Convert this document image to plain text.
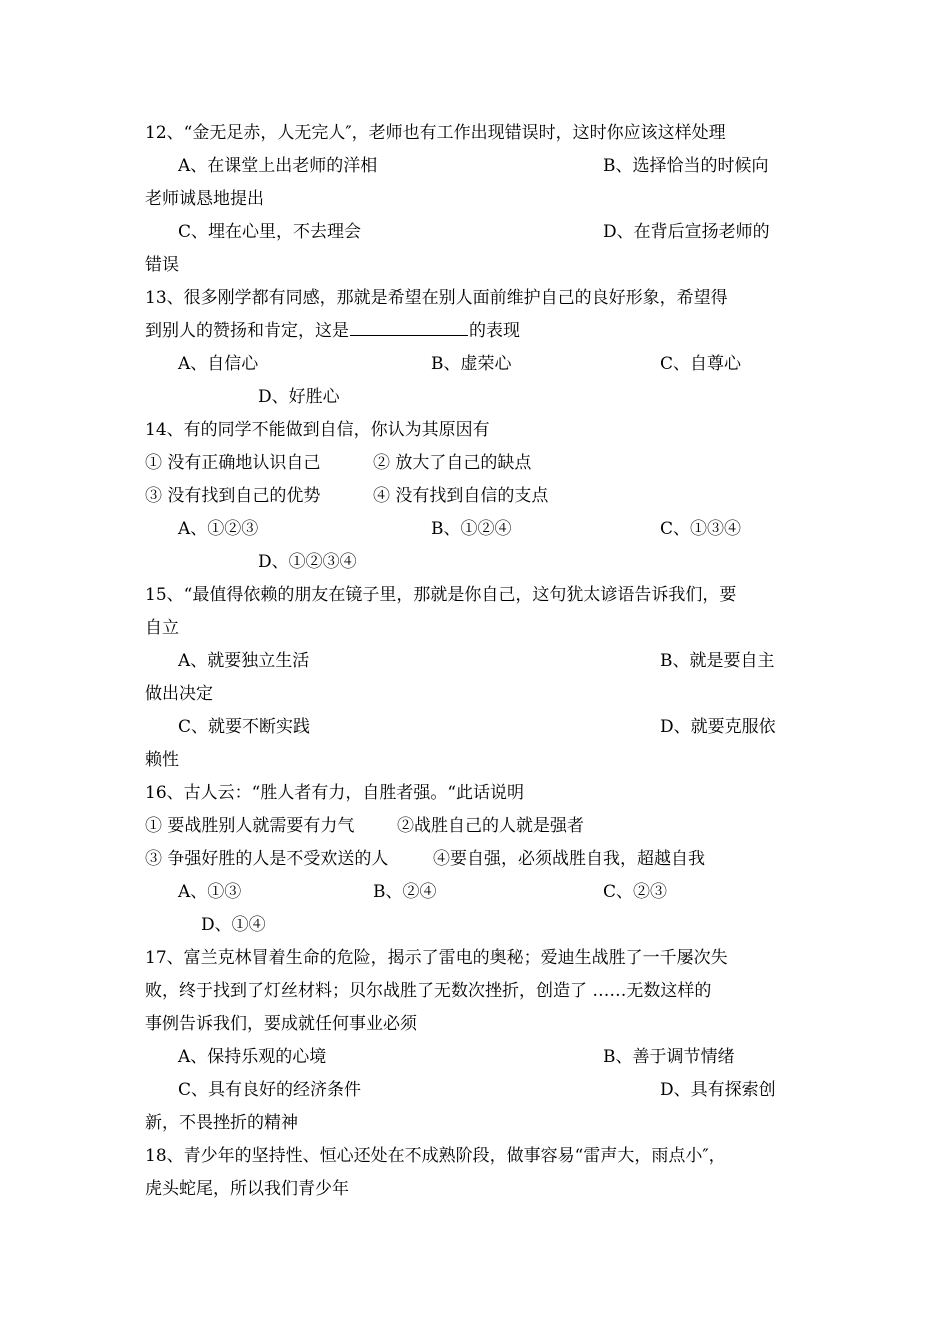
12、“金无足赤，人无完人″，老师也有工作出现错误时，这时你应该这样处理
A、在课堂上出老师的洋相	B、选择恰当的时候向
老师诚恳地提出
C、埋在心里，不去理会	D、在背后宣扬老师的
错误
13、很多刚学都有同感，那就是希望在别人面前维护自己的良好形象，希望得
到别人的赞扬和肯定，这是	的表现
A、自信心	B、虚荣心	C、自尊心
D、好胜心
14、有的同学不能做到自信，你认为其原因有
① 没有正确地认识自己	② 放大了自己的缺点
③ 没有找到自己的优势	④ 没有找到自信的支点
A、①②③	B、①②④	C、①③④
D、①②③④
15、“最值得依赖的朋友在镜子里，那就是你自己，这句犹太谚语告诉我们，要
自立
A、就要独立生活	B、就是要自主
做出决定
C、就要不断实践	D、就要克服依
赖性
16、古人云：“胜人者有力，自胜者强。“此话说明
① 要战胜别人就需要有力气	②战胜自己的人就是强者
③ 争强好胜的人是不受欢送的人	④要自强，必须战胜自我，超越自我
A、①③	B、②④	C、②③
D、①④
17、富兰克林冒着生命的危险，揭示了雷电的奥秘；爱迪生战胜了一千屡次失
败，终于找到了灯丝材料；贝尔战胜了无数次挫折，创造了 ……无数这样的
事例告诉我们，要成就任何事业必须
A、保持乐观的心境	B、善于调节情绪
C、具有良好的经济条件	D、具有探索创
新，不畏挫折的精神
18、青少年的坚持性、恒心还处在不成熟阶段，做事容易“雷声大，雨点小″，
虎头蛇尾，所以我们青少年
